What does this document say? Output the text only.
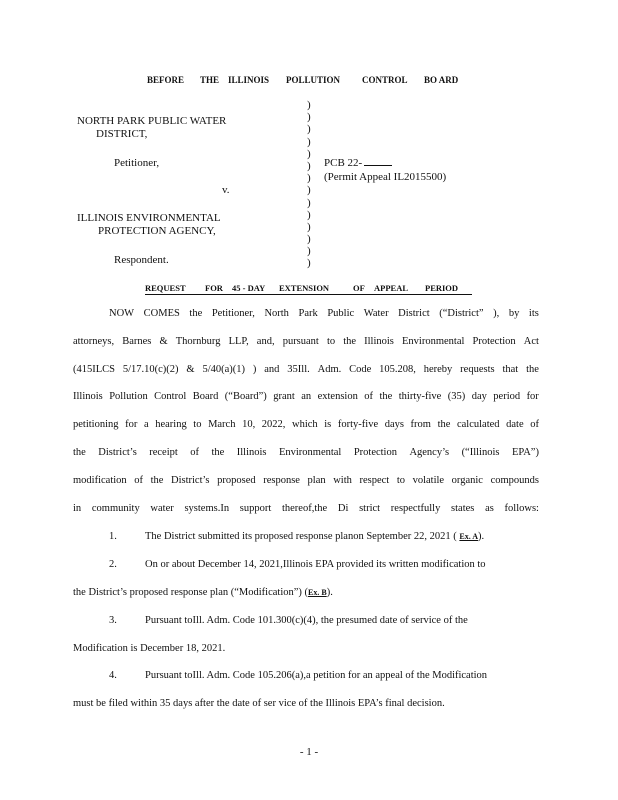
BEFORE THE ILLINOIS POLLUTION CONTROL BO ARD
NORTH PARK PUBLIC WATER
DISTRICT,
Petitioner,
v.
ILLINOIS ENVIRONMENTAL
PROTECTION AGENCY,
Respondent.
)
)
)
)
)
)
)
)
)
)
)
)
)
)
PCB 22-
(Permit Appeal IL2015500)
REQUEST FOR 45 - DAY EXTENSION	OF APPEAL PERIOD
NOW COMES the Petitioner, North Park Public Water District (“District” ), by its
attorneys, Barnes & Thornburg LLP, and, pursuant to the Illinois Environmental Protection Act
(415ILCS 5/17.10(c)(2) & 5/40(a)(1) ) and 35Ill. Adm. Code 105.208, hereby requests that the
Illinois Pollution Control Board (“Board”) grant an extension of the thirty-five (35) day period for
petitioning for a hearing to March 10, 2022, which is forty-five days from the calculated date of
the District’s receipt of the Illinois Environmental Protection Agency’s (“Illinois EPA”)
modification of the District’s proposed response plan with respect to volatile organic compounds
in community water systems.In support thereof,the Di strict respectfully states as follows:
1.	The District submitted its proposed response planon September 22, 2021 ( Ex. A).
2.	On or about December 14, 2021,Illinois EPA provided its written modification to
the District’s proposed response plan (“Modification”) (Ex. B).
3.	Pursuant toIll. Adm. Code 101.300(c)(4), the presumed date of service of the
Modification is December 18, 2021.
4.	Pursuant toIll. Adm. Code 105.206(a),a petition for an appeal of the Modification
must be filed within 35 days after the date of ser vice of the Illinois EPA’s final decision.
- 1 -
